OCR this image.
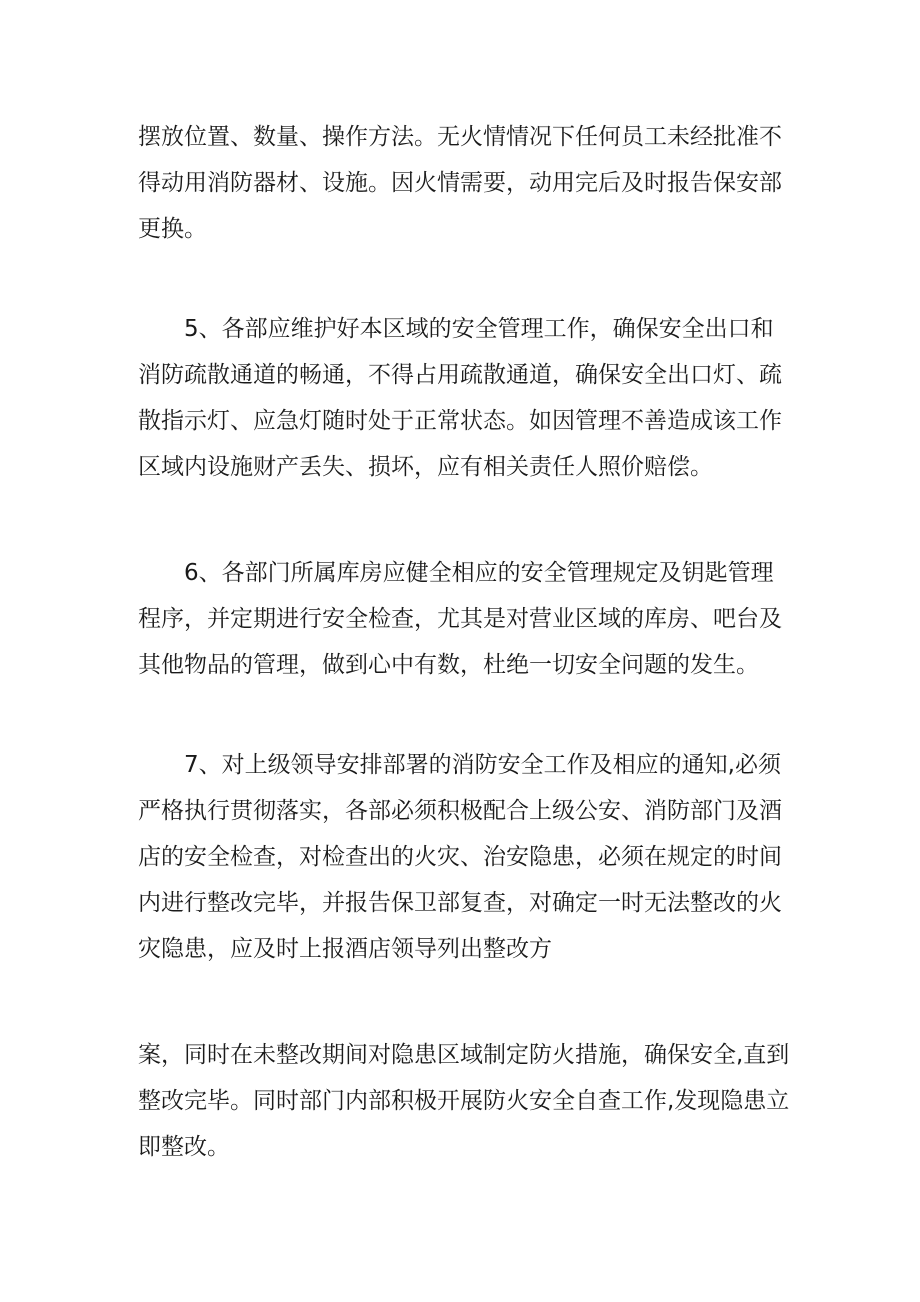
摆放位置、数量、操作方法。无火情情况下任何员工未经批准不
得动用消防器材、设施。因火情需要，动用完后及时报告保安部
更换。
5、各部应维护好本区域的安全管理工作，确保安全出口和
消防疏散通道的畅通，不得占用疏散通道，确保安全出口灯、疏
散指示灯、应急灯随时处于正常状态。如因管理不善造成该工作
区域内设施财产丢失、损坏，应有相关责任人照价赔偿。
6、各部门所属库房应健全相应的安全管理规定及钥匙管理
程序，并定期进行安全检查，尤其是对营业区域的库房、吧台及
其他物品的管理，做到心中有数，杜绝一切安全问题的发生。
7、对上级领导安排部署的消防安全工作及相应的通知,必须
严格执行贯彻落实，各部必须积极配合上级公安、消防部门及酒
店的安全检查，对检查出的火灾、治安隐患，必须在规定的时间
内进行整改完毕，并报告保卫部复查，对确定一时无法整改的火
灾隐患，应及时上报酒店领导列出整改方
案，同时在未整改期间对隐患区域制定防火措施，确保安全,直到
整改完毕。同时部门内部积极开展防火安全自查工作,发现隐患立
即整改。
